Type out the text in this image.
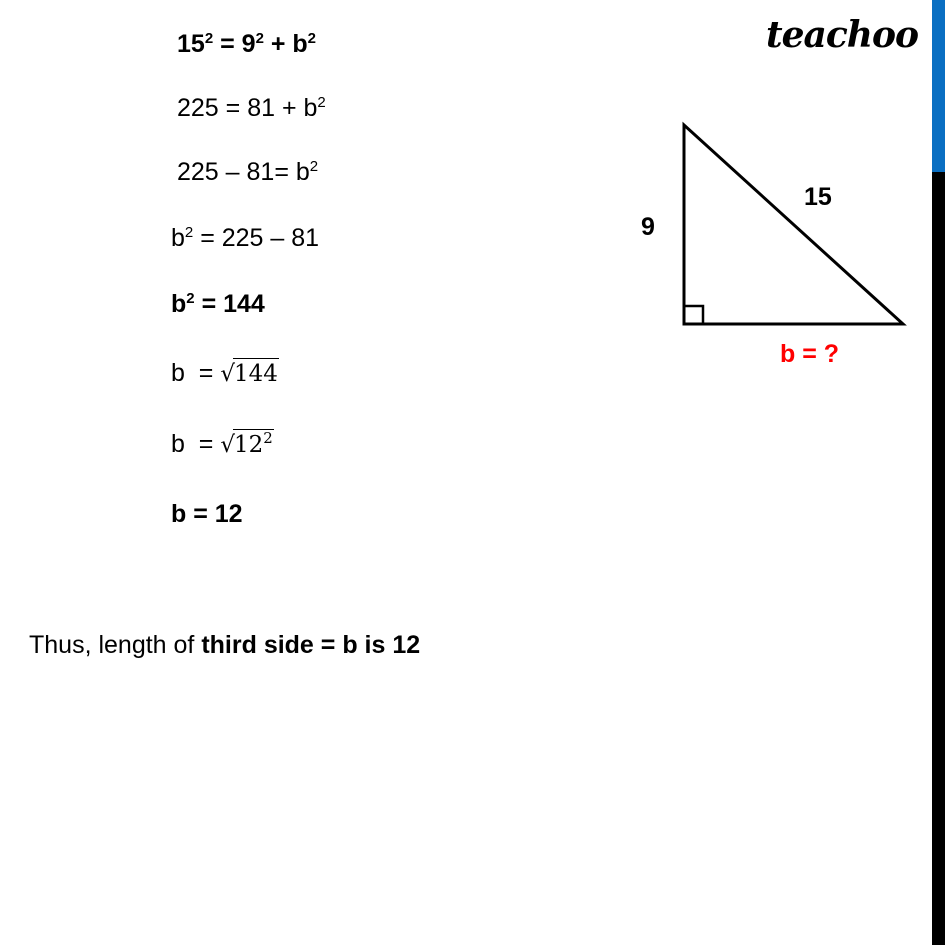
teachoo
$15^2 = 9^2 + b^2$
$225 = 81 + b^2$
$225 - 81= b^2$
$b^2 = 225 - 81$
$b^2 = 144$
b  = √144
$b = √12^2$
b = 12
Thus, length of third side = b is 12
9
15
b = ?
